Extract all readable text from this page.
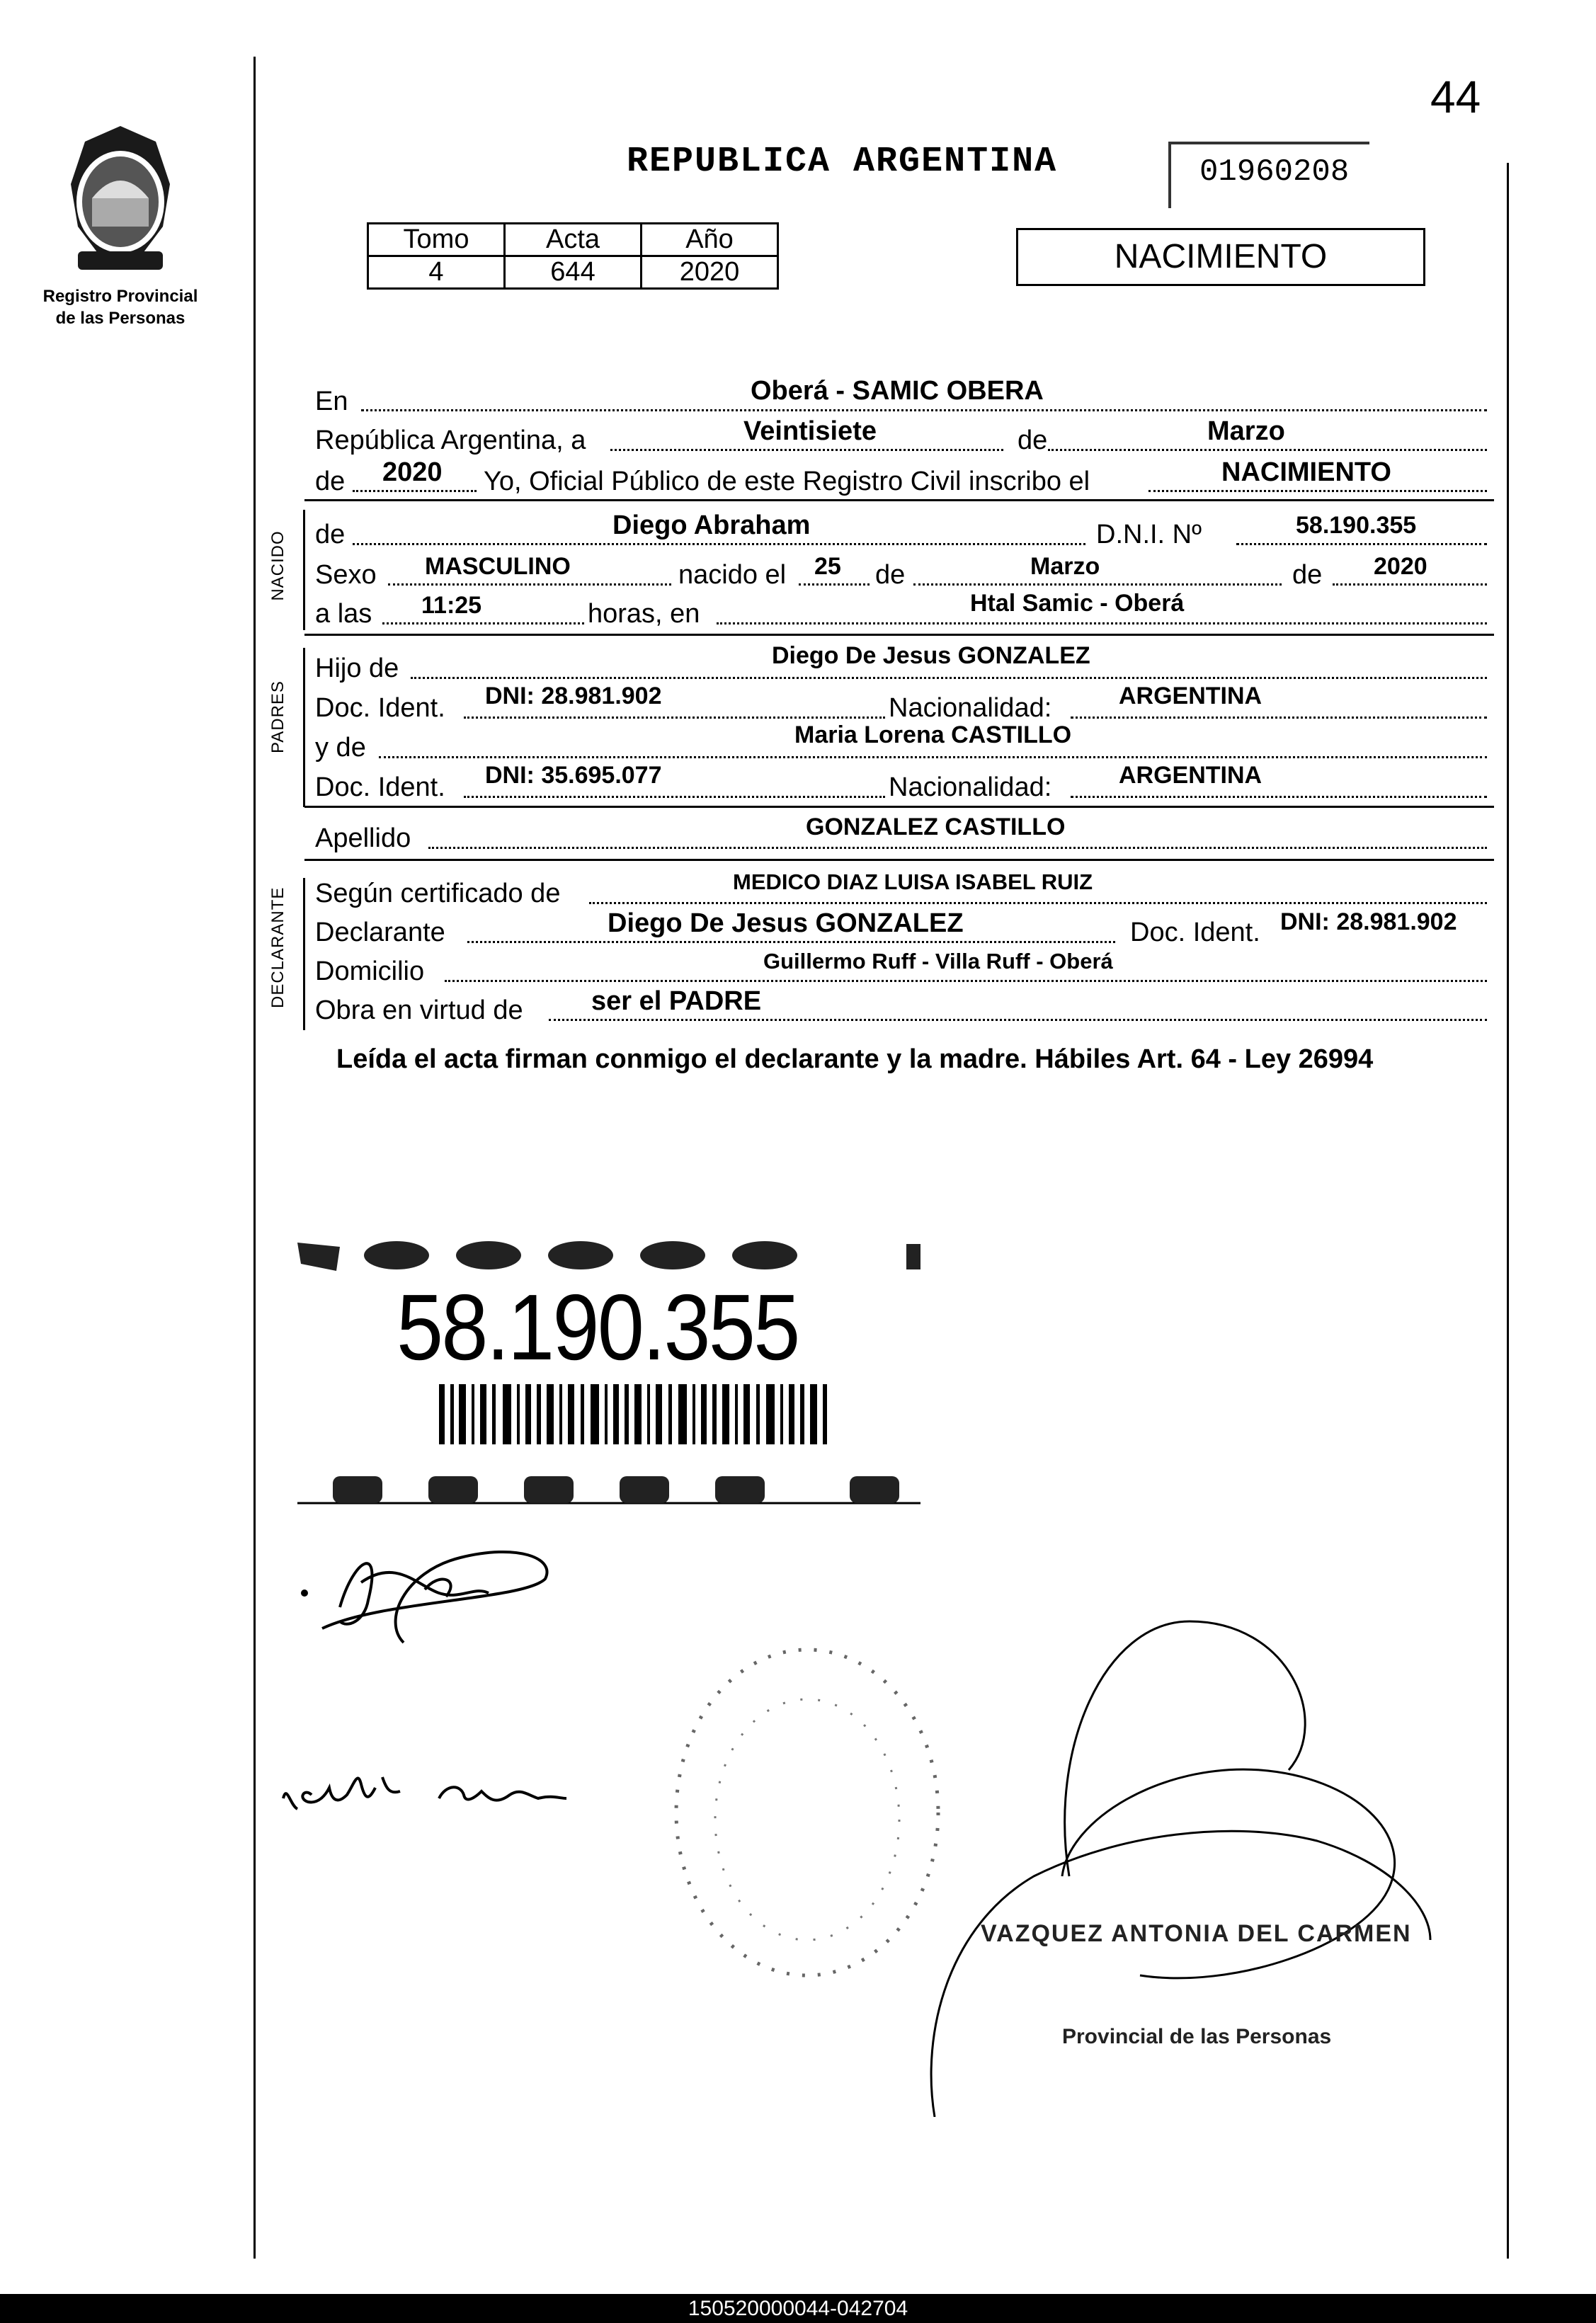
44
Registro Provincial
de las Personas
REPUBLICA ARGENTINA	01960208
Tomo	Acta	Año
4	644	2020	NACIMIENTO
En	Oberá - SAMIC OBERA
República Argentina, a	Veintisiete	de	Marzo
de 2020 Yo, Oficial Público de este Registro Civil inscribo el	NACIMIENTO
NACIDO de	Diego Abraham	D.N.I. Nº	58.190.355
Sexo MASCULINO	nacido el 25 de	Marzo	de 2020
a las 11:25	horas, en	Htal Samic - Oberá
PADRES
Hijo de	Diego De Jesus GONZALEZ
Doc. Ident. DNI: 28.981.902	Nacionalidad:	ARGENTINA
y de	Maria Lorena CASTILLO
Doc. Ident. DNI: 35.695.077	Nacionalidad:	ARGENTINA
Apellido	GONZALEZ CASTILLO
DECLARANTE Según certificado de	MEDICO DIAZ LUISA ISABEL RUIZ
Declarante	Diego De Jesus GONZALEZ	Doc. Ident. DNI: 28.981.902
Domicilio	Guillermo Ruff - Villa Ruff - Oberá
Obra en virtud de	ser el PADRE
Leída el acta firman conmigo el declarante y la madre. Hábiles Art. 64 - Ley 26994
58.190.355
VAZQUEZ ANTONIA DEL CARMEN
Provincial de las Personas
150520000044-042704
